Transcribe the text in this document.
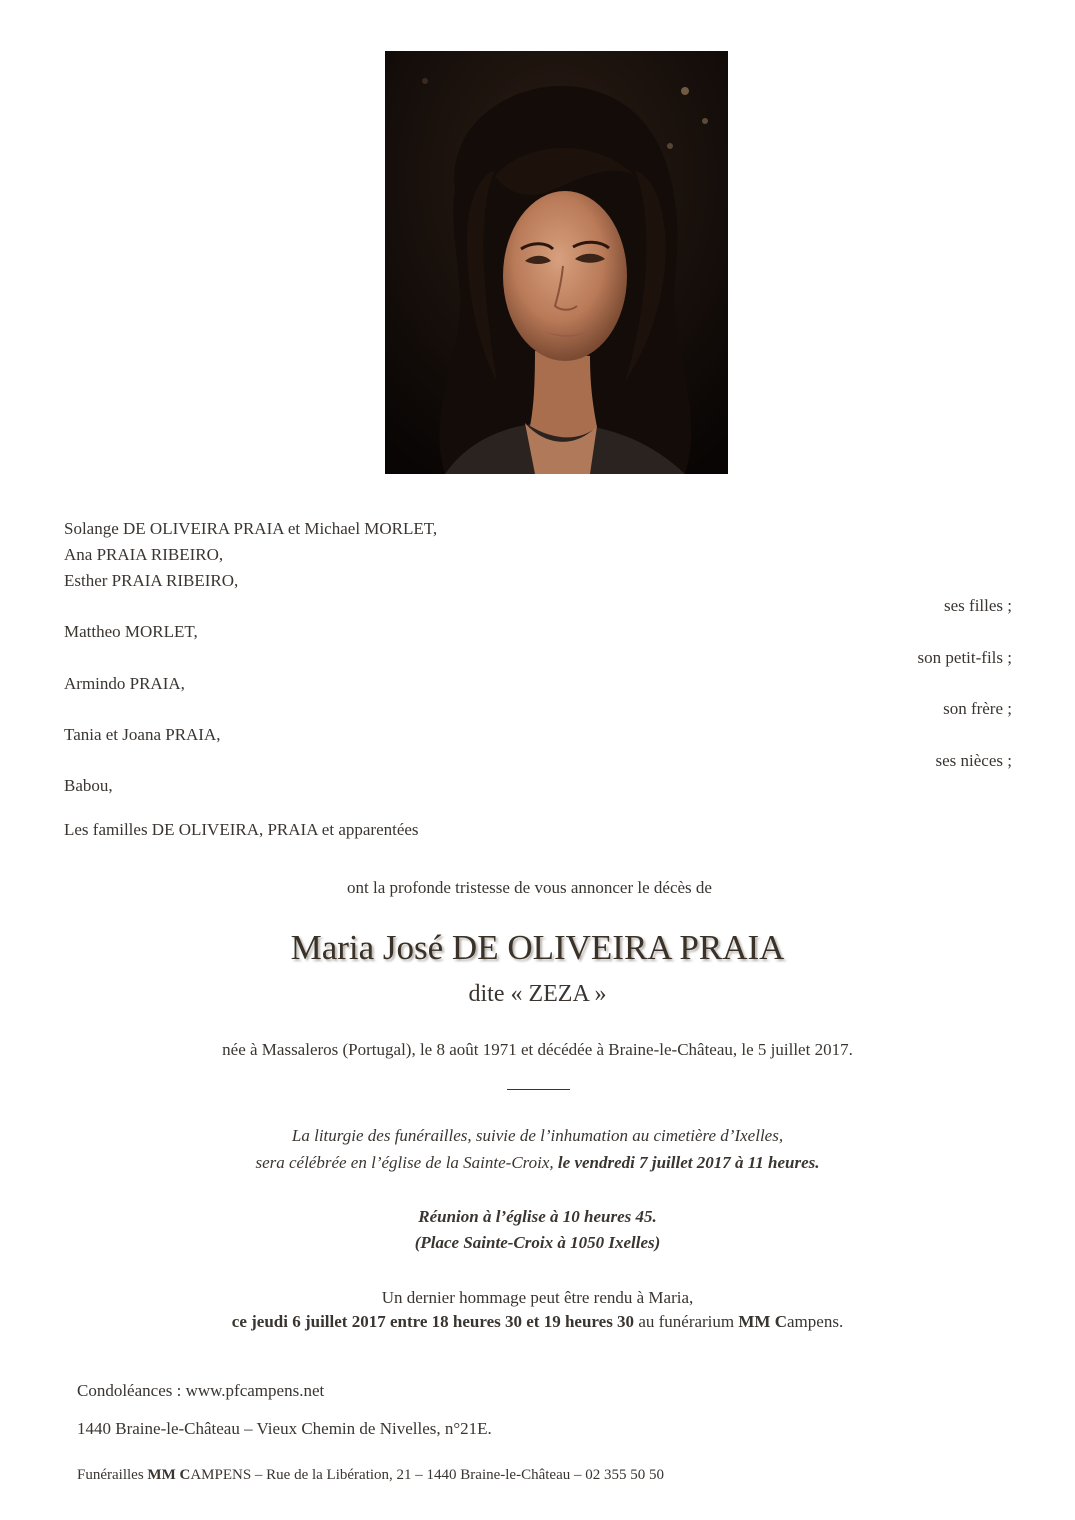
Solange DE OLIVEIRA PRAIA et Michael MORLET,
Ana PRAIA RIBEIRO,
Esther PRAIA RIBEIRO,
ses filles ;
Mattheo MORLET,
son petit-fils ;
Armindo PRAIA,
son frère ;
Tania et Joana PRAIA,
ses nièces ;
Babou,
Les familles DE OLIVEIRA, PRAIA et apparentées
ont la profonde tristesse de vous annoncer le décès de
Maria José DE OLIVEIRA PRAIA
dite « ZEZA »
née à Massaleros (Portugal), le 8 août 1971 et décédée à Braine-le-Château, le 5 juillet 2017.
La liturgie des funérailles, suivie de l’inhumation au cimetière d’Ixelles,
sera célébrée en l’église de la Sainte-Croix, le vendredi 7 juillet 2017 à 11 heures.
Réunion à l’église à 10 heures 45.
(Place Sainte-Croix à 1050 Ixelles)
Un dernier hommage peut être rendu à Maria,
ce jeudi 6 juillet 2017 entre 18 heures 30 et 19 heures 30 au funérarium MM Campens.
Condoléances : www.pfcampens.net
1440 Braine-le-Château – Vieux Chemin de Nivelles, n°21E.
Funérailles MM CAMPENS – Rue de la Libération, 21 – 1440 Braine-le-Château – 02 355 50 50
